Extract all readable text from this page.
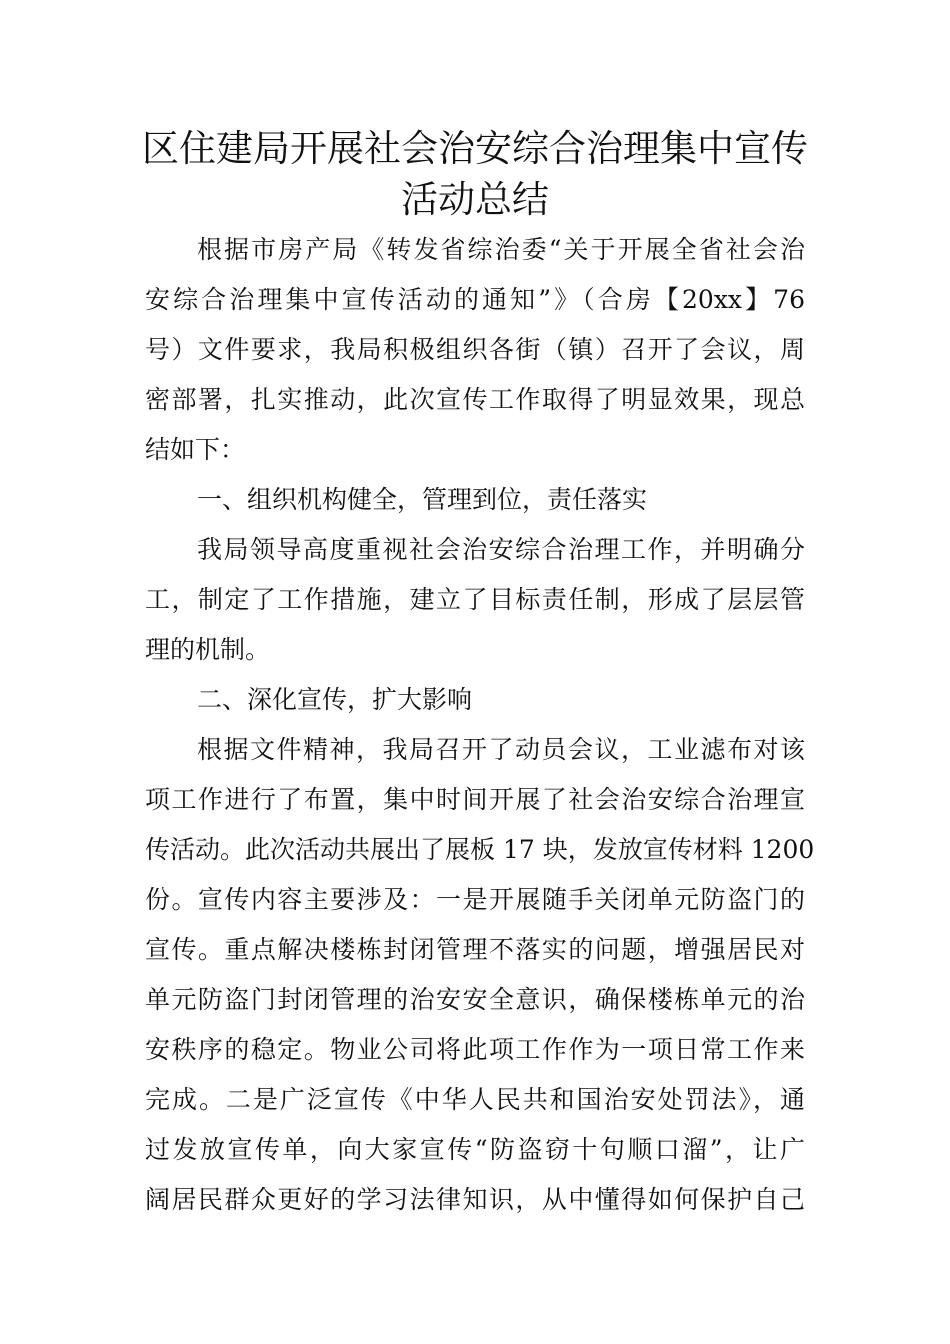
区住建局开展社会治安综合治理集中宣传
活动总结
根据市房产局《转发省综治委“关于开展全省社会治
安综合治理集中宣传活动的通知”》（合房【20xx】76
号）文件要求，我局积极组织各街（镇）召开了会议，周
密部署，扎实推动，此次宣传工作取得了明显效果，现总
结如下：
一、组织机构健全，管理到位，责任落实
我局领导高度重视社会治安综合治理工作，并明确分
工，制定了工作措施，建立了目标责任制，形成了层层管
理的机制。
二、深化宣传，扩大影响
根据文件精神，我局召开了动员会议，工业滤布对该
项工作进行了布置，集中时间开展了社会治安综合治理宣
传活动。此次活动共展出了展板 17 块，发放宣传材料 1200
份。宣传内容主要涉及：一是开展随手关闭单元防盗门的
宣传。重点解决楼栋封闭管理不落实的问题，增强居民对
单元防盗门封闭管理的治安安全意识，确保楼栋单元的治
安秩序的稳定。物业公司将此项工作作为一项日常工作来
完成。二是广泛宣传《中华人民共和国治安处罚法》，通
过发放宣传单，向大家宣传“防盗窃十句顺口溜”，让广
阔居民群众更好的学习法律知识，从中懂得如何保护自己
